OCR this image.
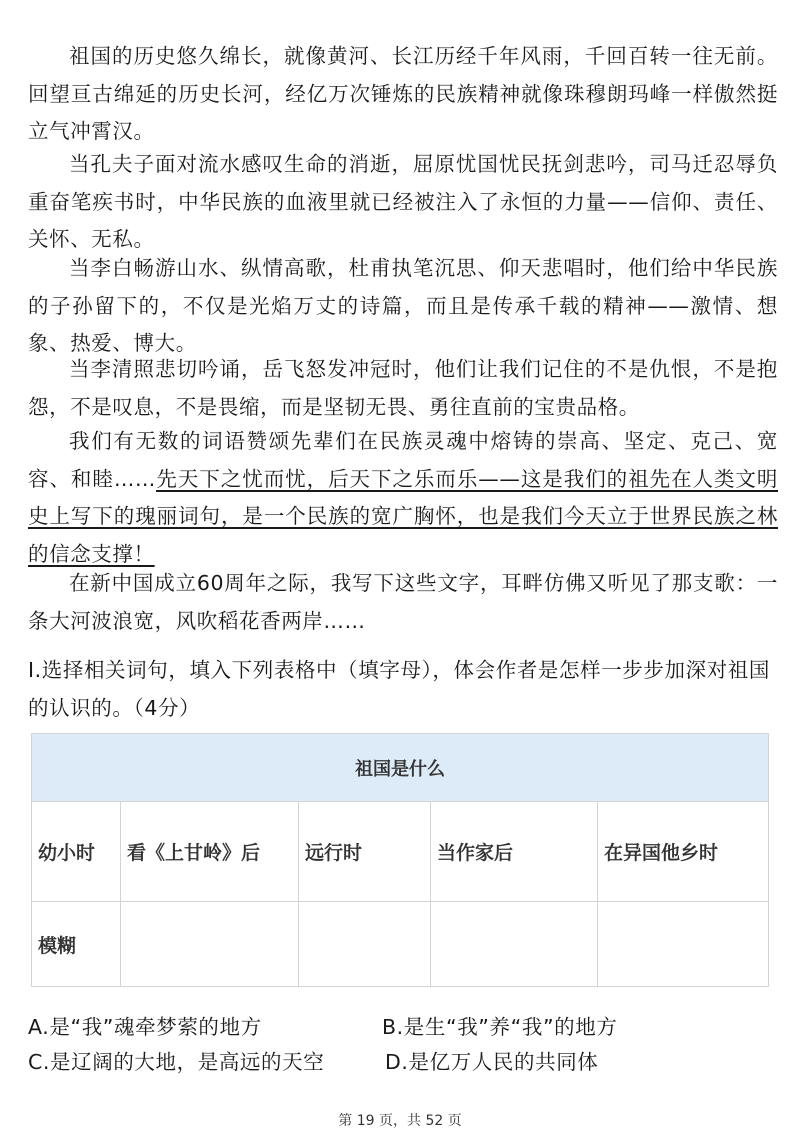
祖国的历史悠久绵长，就像黄河、长江历经千年风雨，千回百转一往无前。回望亘古绵延的历史长河，经亿万次锤炼的民族精神就像珠穆朗玛峰一样傲然挺立气冲霄汉。

当孔夫子面对流水感叹生命的消逝，屈原忧国忧民抚剑悲吟，司马迁忍辱负重奋笔疾书时，中华民族的血液里就已经被注入了永恒的力量——信仰、责任、关怀、无私。

当李白畅游山水、纵情高歌，杜甫执笔沉思、仰天悲唱时，他们给中华民族的子孙留下的，不仅是光焰万丈的诗篇，而且是传承千载的精神——激情、想象、热爱、博大。

当李清照悲切吟诵，岳飞怒发冲冠时，他们让我们记住的不是仇恨，不是抱怨，不是叹息，不是畏缩，而是坚韧无畏、勇往直前的宝贵品格。

我们有无数的词语赞颂先辈们在民族灵魂中熔铸的崇高、坚定、克己、宽容、和睦……先天下之忧而忧，后天下之乐而乐——这是我们的祖先在人类文明史上写下的瑰丽词句，是一个民族的宽广胸怀，也是我们今天立于世界民族之林的信念支撑！

在新中国成立60周年之际，我写下这些文字，耳畔仿佛又听见了那支歌：一条大河波浪宽，风吹稻花香两岸……

I.选择相关词句，填入下列表格中（填字母），体会作者是怎样一步步加深对祖国的认识的。（4分）

祖国是什么				
幼小时	看《上甘岭》后	远行时	当作家后	在异国他乡时
模糊				
A.是“我”魂牵梦萦的地方	B.是生“我”养“我”的地方
C.是辽阔的大地，是高远的天空	D.是亿万人民的共同体
第 19 页，共 52 页
